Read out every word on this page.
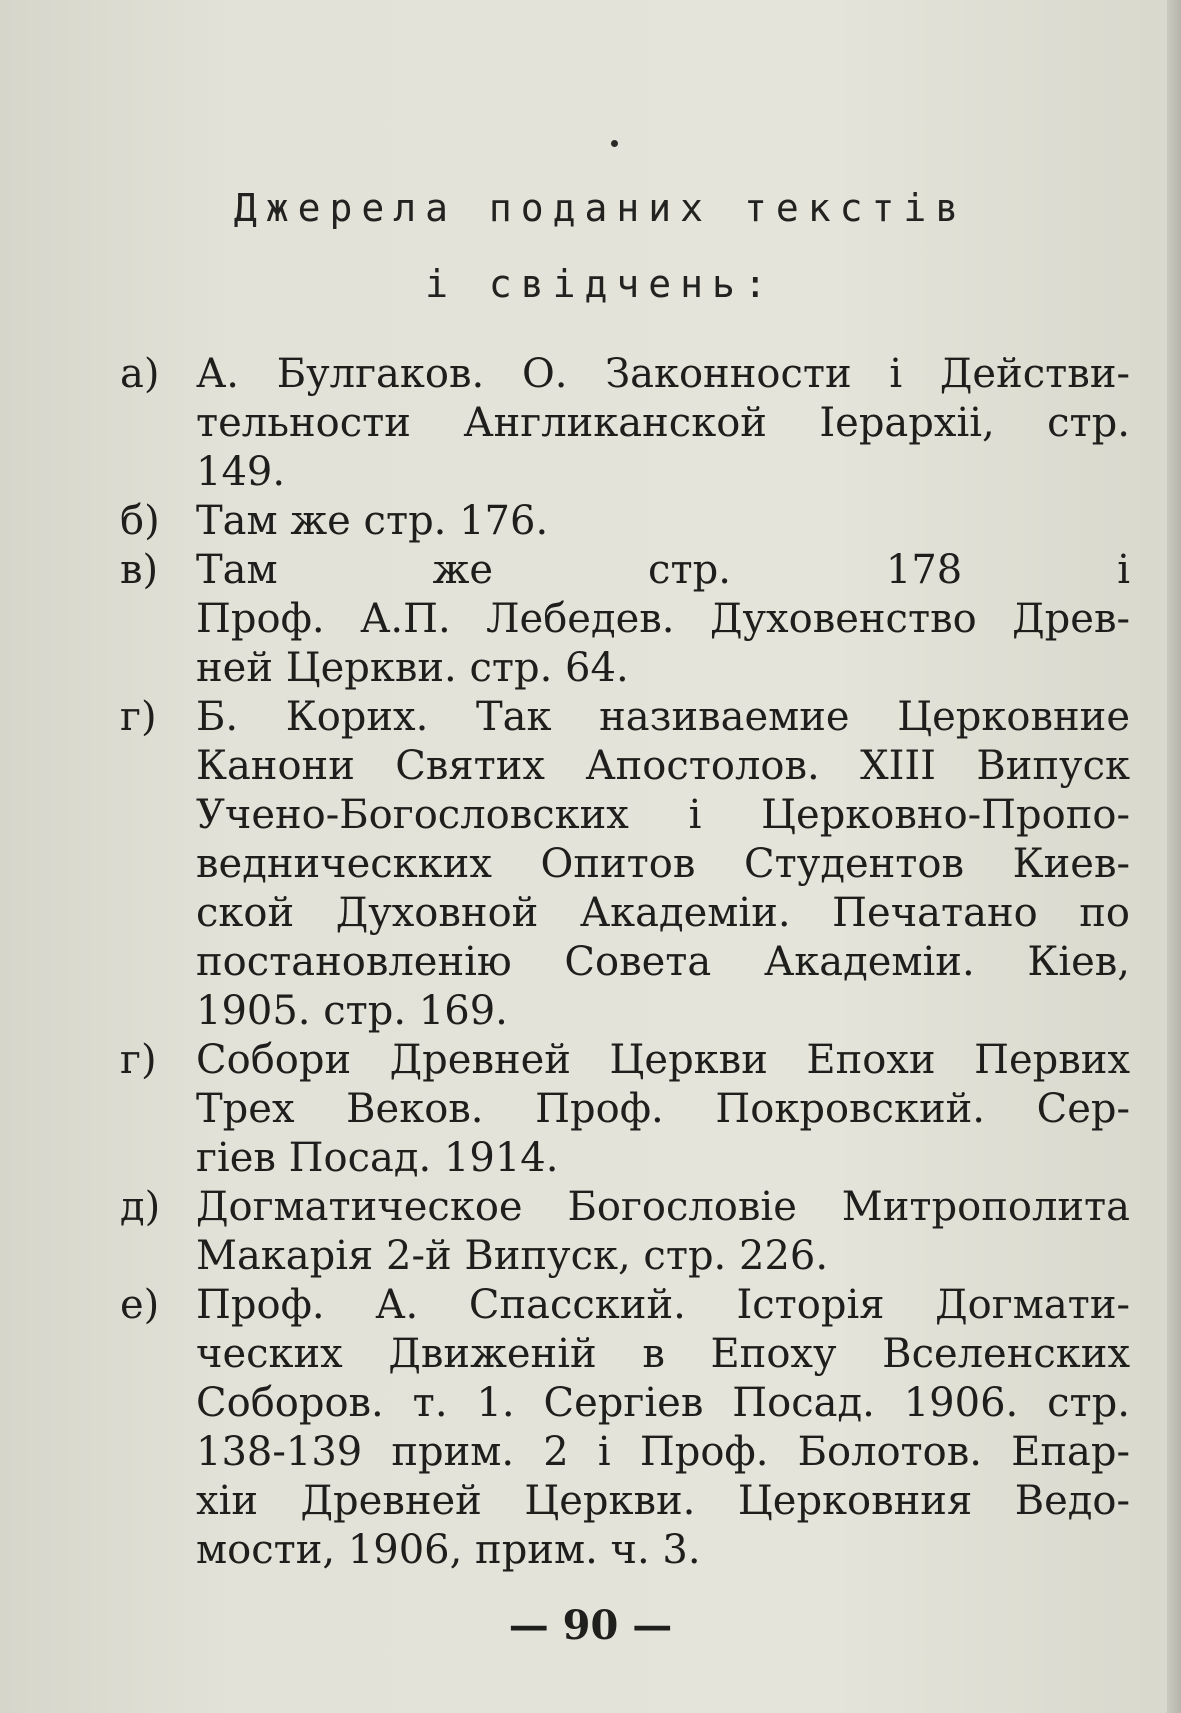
Джерела поданих текстів
і свідчень:
а) А. Булгаков. О. Законности і Действи-
тельности Англиканской Іерархіі, стр.
149.
б) Там же стр. 176.
в) Там же стр. 178 і
Проф. А.П. Лебедев. Духовенство Древ-
ней Церкви. стр. 64.
г) Б. Корих. Так називаемие Церковние
Канони Святих Апостолов. XIII Випуск
Учено-Богословских і Церковно-Пропо-
ведническких Опитов Студентов Киев-
ской Духовной Академіи. Печатано по
постановленію Совета Академіи. Кіев,
1905. стр. 169.
г) Собори Древней Церкви Епохи Первих
Трех Веков. Проф. Покровский. Сер-
гіев Посад. 1914.
д) Догматическое Богословіе Митрополита
Макарія 2-й Випуск, стр. 226.
е) Проф. А. Спасский. Історія Догмати-
ческих Движеній в Епоху Вселенских
Соборов. т. 1. Сергіев Посад. 1906. стр.
138-139 прим. 2 і Проф. Болотов. Епар-
хіи Древней Церкви. Церковния Ведо-
мости, 1906, прим. ч. 3.
— 90 —
